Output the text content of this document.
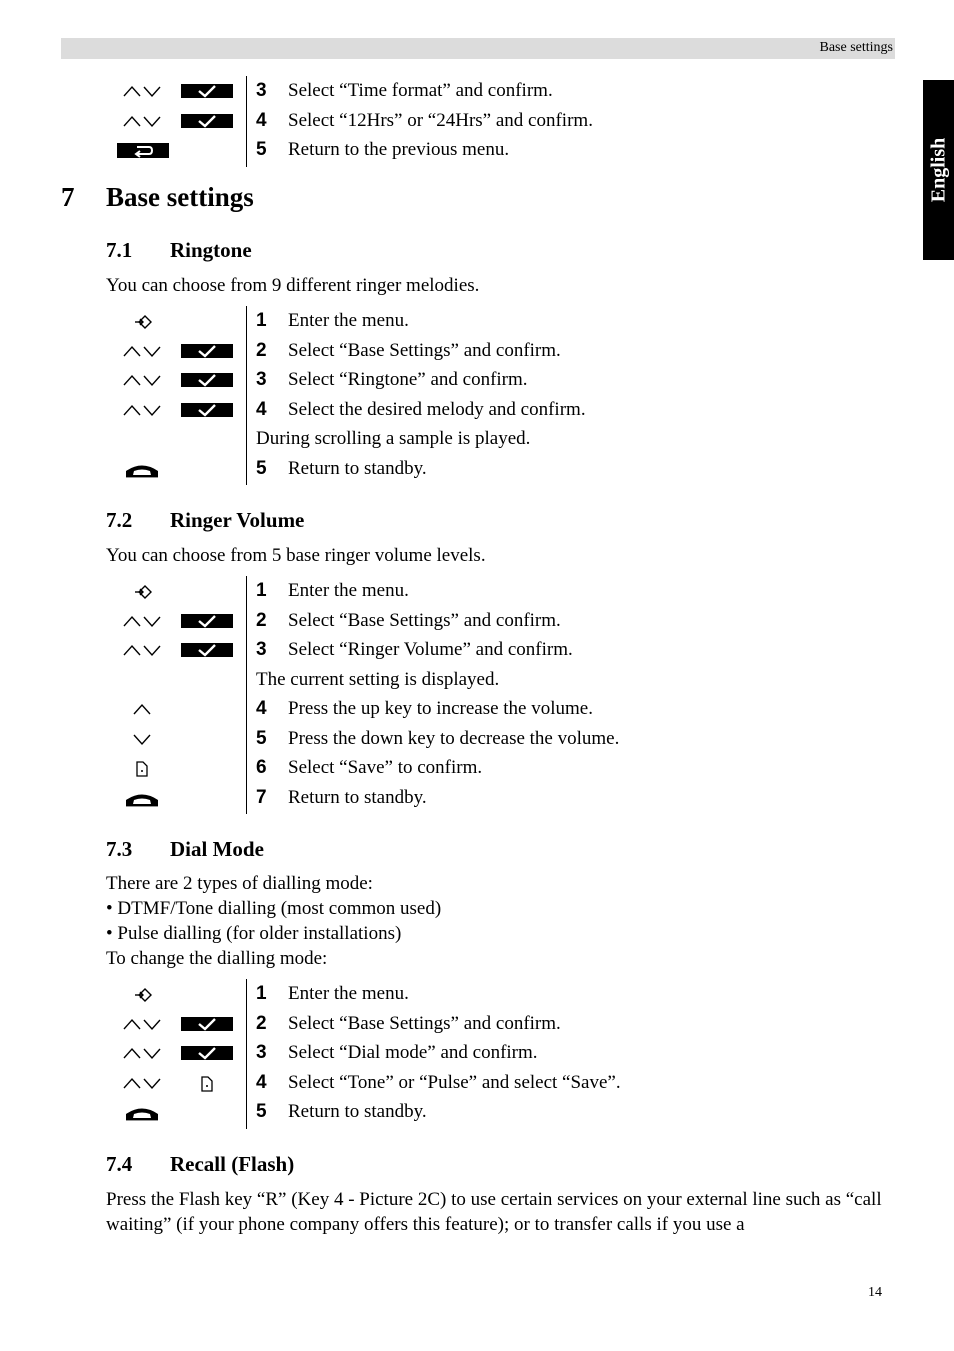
Base settings
English
3 Select “Time format” and confirm.
4 Select “12Hrs” or “24Hrs” and confirm.
5 Return to the previous menu.
7 Base settings
7.1 Ringtone
You can choose from 9 different ringer melodies.
1 Enter the menu.
2 Select “Base Settings” and confirm.
3 Select “Ringtone” and confirm.
4 Select the desired melody and confirm.
During scrolling a sample is played.
5 Return to standby.
7.2 Ringer Volume
You can choose from 5 base ringer volume levels.
1 Enter the menu.
2 Select “Base Settings” and confirm.
3 Select “Ringer Volume” and confirm.
The current setting is displayed.
4 Press the up key to increase the volume.
5 Press the down key to decrease the volume.
6 Select “Save” to confirm.
7 Return to standby.
7.3 Dial Mode
There are 2 types of dialling mode:
• DTMF/Tone dialling (most common used)
• Pulse dialling (for older installations)
To change the dialling mode:
1 Enter the menu.
2 Select “Base Settings” and confirm.
3 Select “Dial mode” and confirm.
4 Select “Tone” or “Pulse” and select “Save”.
5 Return to standby.
7.4 Recall (Flash)
Press the Flash key “R” (Key 4 - Picture 2C) to use certain services on your external line such as “call waiting” (if your phone company offers this feature); or to transfer calls if you use a
14
